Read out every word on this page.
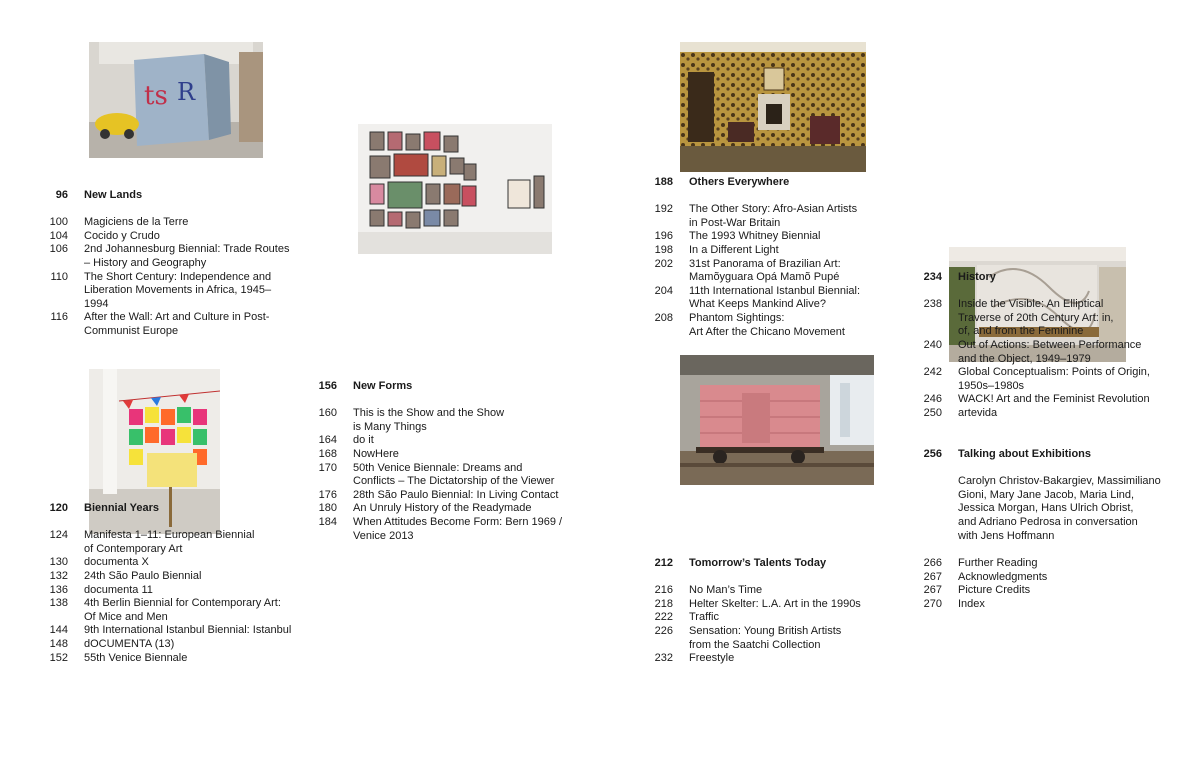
ts R
96	New Lands
100	Magiciens de la Terre
104	Cocido y Crudo
106	2nd Johannesburg Biennial: Trade Routes
– History and Geography
110	The Short Century: Independence and
Liberation Movements in Africa, 1945–1994
116	After the Wall: Art and Culture in Post-
Communist Europe
120	Biennial Years
124	Manifesta 1–11: European Biennial
of Contemporary Art
130	documenta X
132	24th São Paulo Biennial
136	documenta 11
138	4th Berlin Biennial for Contemporary Art:
Of Mice and Men
144	9th International Istanbul Biennial: Istanbul
148	dOCUMENTA (13)
152	55th Venice Biennale
156	New Forms
160	This is the Show and the Show
is Many Things
164	do it
168	NowHere
170	50th Venice Biennale: Dreams and
Conflicts – The Dictatorship of the Viewer
176	28th São Paulo Biennial: In Living Contact
180	An Unruly History of the Readymade
184	When Attitudes Become Form: Bern 1969 /
Venice 2013
188	Others Everywhere
192	The Other Story: Afro-Asian Artists
in Post-War Britain
196	The 1993 Whitney Biennial
198	In a Different Light
202	31st Panorama of Brazilian Art:
Mamõyguara Opá Mamõ Pupé
204	11th International Istanbul Biennial:
What Keeps Mankind Alive?
208	Phantom Sightings:
Art After the Chicano Movement
212	Tomorrow’s Talents Today
216	No Man’s Time
218	Helter Skelter: L.A. Art in the 1990s
222	Traffic
226	Sensation: Young British Artists
from the Saatchi Collection
232	Freestyle
234	History
238	Inside the Visible: An Elliptical
Traverse of 20th Century Art: in,
of, and from the Feminine
240	Out of Actions: Between Performance
and the Object, 1949–1979
242	Global Conceptualism: Points of Origin,
1950s–1980s
246	WACK! Art and the Feminist Revolution
250	artevida
256	Talking about Exhibitions
Carolyn Christov-Bakargiev, Massimiliano
Gioni, Mary Jane Jacob, Maria Lind,
Jessica Morgan, Hans Ulrich Obrist,
and Adriano Pedrosa in conversation
with Jens Hoffmann
266	Further Reading
267	Acknowledgments
267	Picture Credits
270	Index
